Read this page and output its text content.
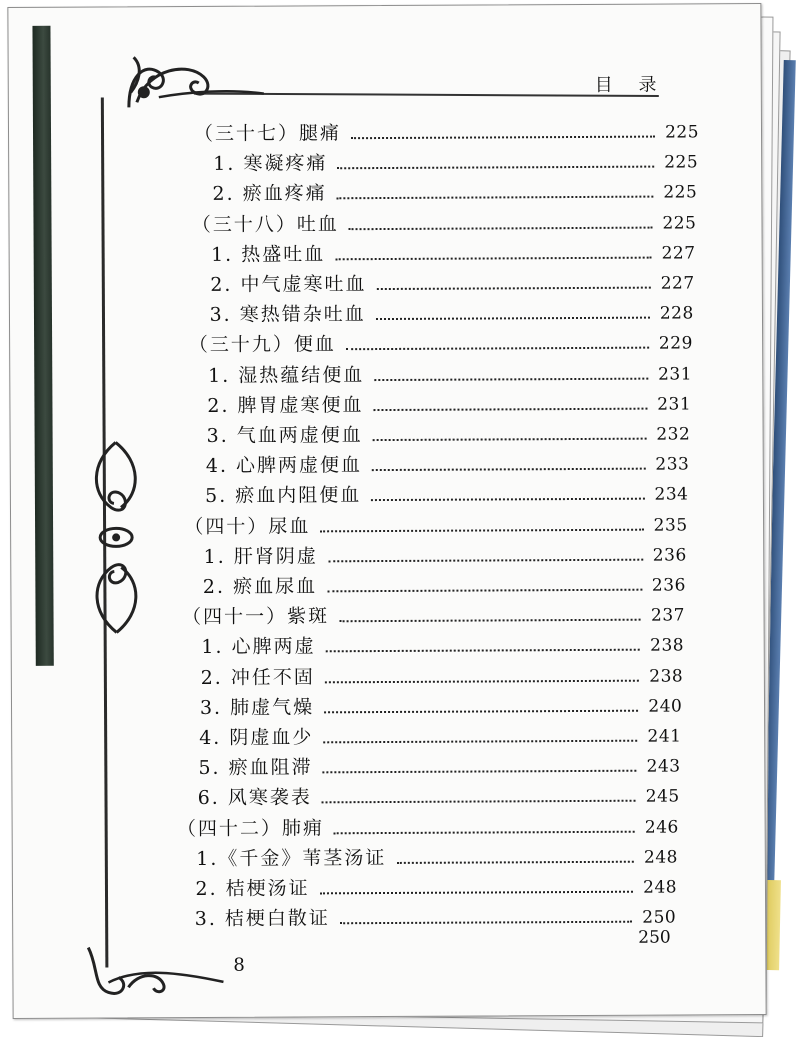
目 录
（三十七）腿痛	225
1. 寒凝疼痛	225
2. 瘀血疼痛	225
（三十八）吐血	225
1. 热盛吐血	227
2. 中气虚寒吐血	227
3. 寒热错杂吐血	228
（三十九）便血	229
1. 湿热蕴结便血	231
2. 脾胃虚寒便血	231
3. 气血两虚便血	232
4. 心脾两虚便血	233
5. 瘀血内阻便血	234
（四十）尿血	235
1. 肝肾阴虚	236
2. 瘀血尿血	236
（四十一）紫斑	237
1. 心脾两虚	238
2. 冲任不固	238
3. 肺虚气燥	240
4. 阴虚血少	241
5. 瘀血阻滞	243
6. 风寒袭表	245
（四十二）肺痈	246
1.《千金》苇茎汤证	248
2. 桔梗汤证	248
3. 桔梗白散证	250
250
8
